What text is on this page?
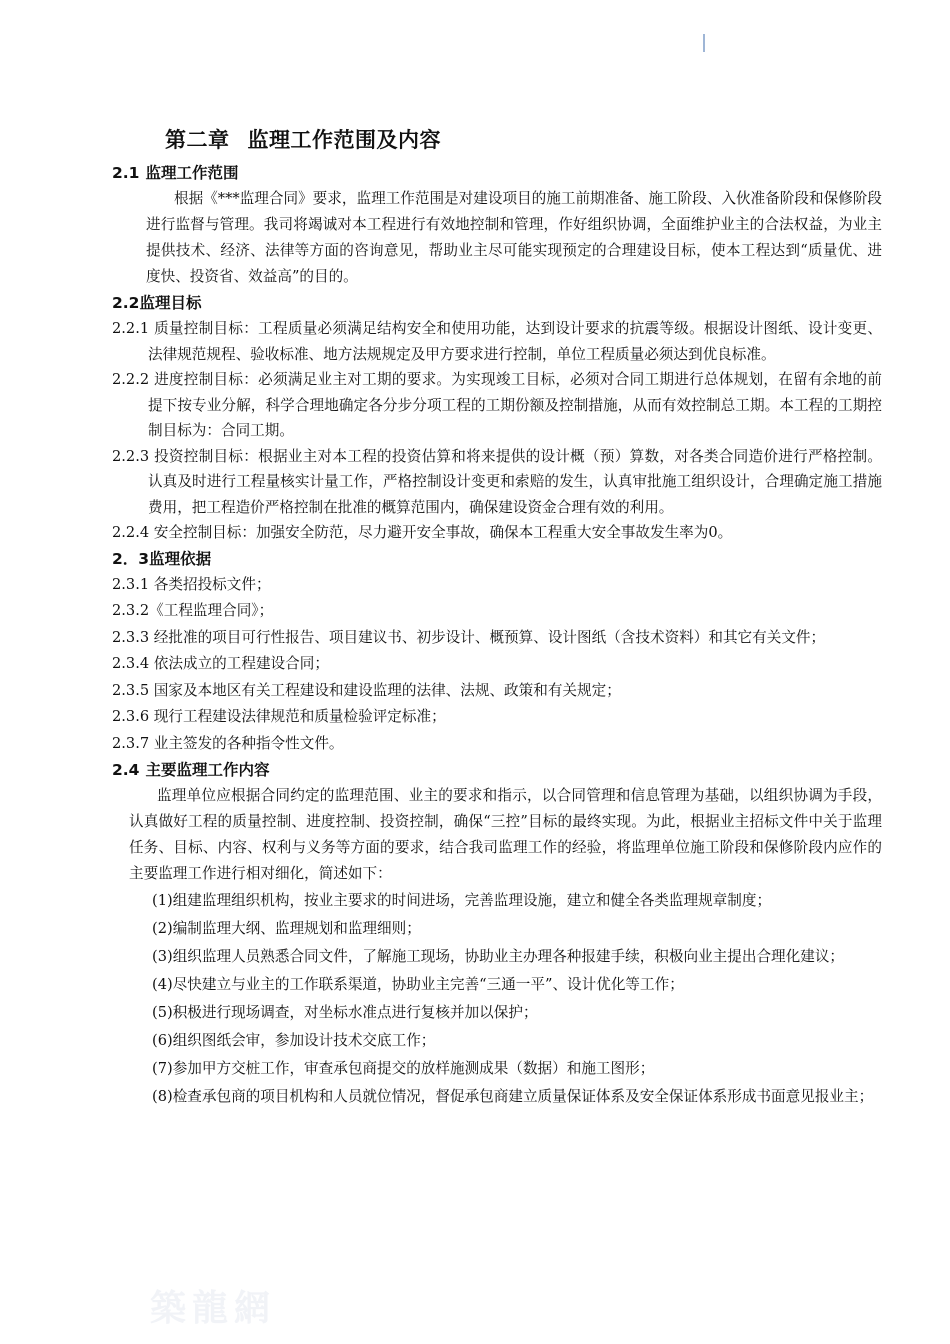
第二章 监理工作范围及内容
2.1 监理工作范围

根据《***监理合同》要求，监理工作范围是对建设项目的施工前期准备、施工阶段、入伙准备阶段和保修阶段进行监督与管理。我司将竭诚对本工程进行有效地控制和管理，作好组织协调，全面维护业主的合法权益，为业主提供技术、经济、法律等方面的咨询意见，帮助业主尽可能实现预定的合理建设目标，使本工程达到“质量优、进度快、投资省、效益高”的目的。

2.2监理目标

2.2.1 质量控制目标：工程质量必须满足结构安全和使用功能，达到设计要求的抗震等级。根据设计图纸、设计变更、法律规范规程、验收标准、地方法规规定及甲方要求进行控制，单位工程质量必须达到优良标准。

2.2.2 进度控制目标：必须满足业主对工期的要求。为实现竣工目标，必须对合同工期进行总体规划，在留有余地的前提下按专业分解，科学合理地确定各分步分项工程的工期份额及控制措施，从而有效控制总工期。本工程的工期控制目标为：合同工期。

2.2.3 投资控制目标：根据业主对本工程的投资估算和将来提供的设计概（预）算数，对各类合同造价进行严格控制。认真及时进行工程量核实计量工作，严格控制设计变更和索赔的发生，认真审批施工组织设计，合理确定施工措施费用，把工程造价严格控制在批准的概算范围内，确保建设资金合理有效的利用。

2.2.4 安全控制目标：加强安全防范，尽力避开安全事故，确保本工程重大安全事故发生率为0。

2．3监理依据

2.3.1 各类招投标文件；

2.3.2《工程监理合同》；

2.3.3 经批准的项目可行性报告、项目建议书、初步设计、概预算、设计图纸（含技术资料）和其它有关文件；

2.3.4 依法成立的工程建设合同；

2.3.5 国家及本地区有关工程建设和建设监理的法律、法规、政策和有关规定；

2.3.6 现行工程建设法律规范和质量检验评定标准；

2.3.7 业主签发的各种指令性文件。

2.4 主要监理工作内容

监理单位应根据合同约定的监理范围、业主的要求和指示，以合同管理和信息管理为基础，以组织协调为手段，认真做好工程的质量控制、进度控制、投资控制，确保“三控”目标的最终实现。为此，根据业主招标文件中关于监理任务、目标、内容、权利与义务等方面的要求，结合我司监理工作的经验，将监理单位施工阶段和保修阶段内应作的主要监理工作进行相对细化，简述如下：

(1)组建监理组织机构，按业主要求的时间进场，完善监理设施，建立和健全各类监理规章制度；

(2)编制监理大纲、监理规划和监理细则；

(3)组织监理人员熟悉合同文件，了解施工现场，协助业主办理各种报建手续，积极向业主提出合理化建议；

(4)尽快建立与业主的工作联系渠道，协助业主完善“三通一平”、设计优化等工作；

(5)积极进行现场调查，对坐标水准点进行复核并加以保护；

(6)组织图纸会审，参加设计技术交底工作；

(7)参加甲方交桩工作，审查承包商提交的放样施测成果（数据）和施工图形；

(8)检查承包商的项目机构和人员就位情况，督促承包商建立质量保证体系及安全保证体系形成书面意见报业主；

築龍網
